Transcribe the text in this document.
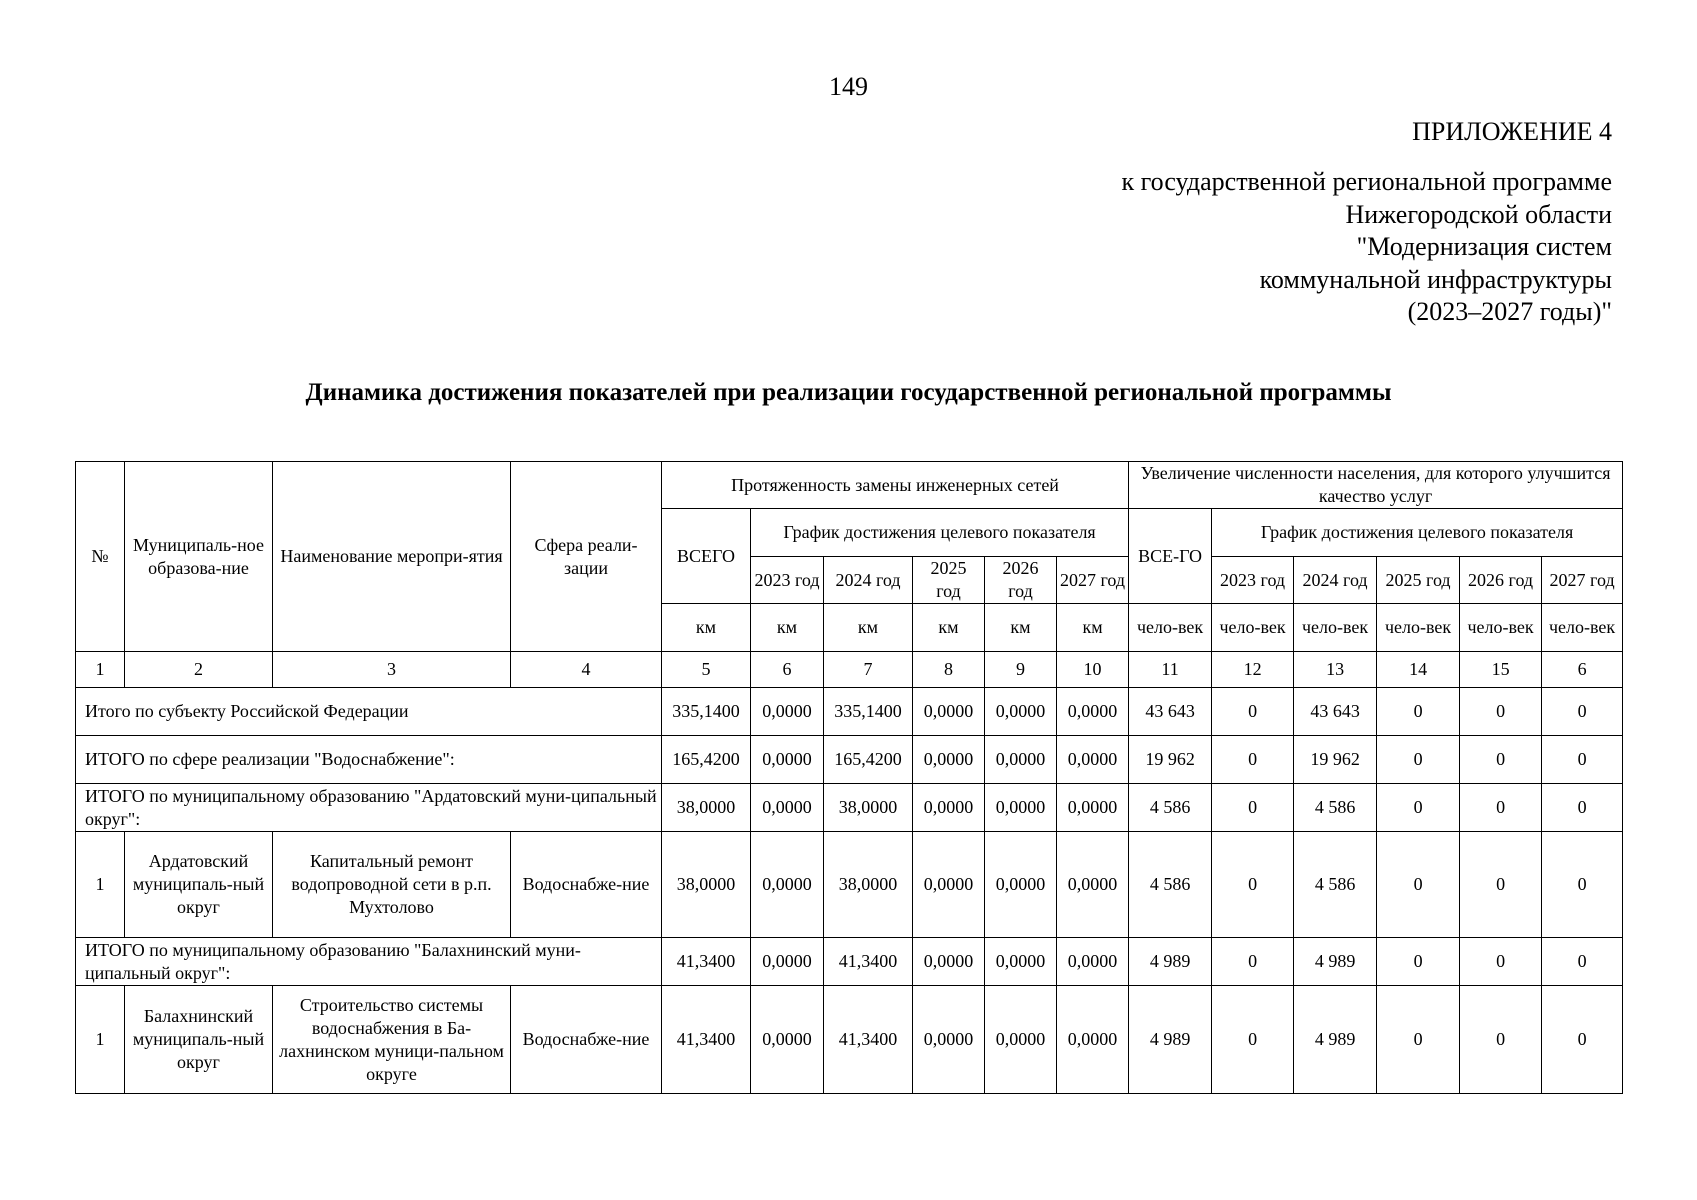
149
ПРИЛОЖЕНИЕ 4
к государственной региональной программе
Нижегородской области
"Модернизация систем
коммунальной инфраструктуры
(2023–2027 годы)"
Динамика достижения показателей при реализации государственной региональной программы
№	Муниципаль-ное образова-ние	Наименование меропри-ятия	Сфера реали-зации	Протяженность замены инженерных сетей						Увеличение численности населения, для которого улучшится качество услуг					
				ВСЕГО	График достижения целевого показателя					ВСЕ-ГО	График достижения целевого показателя				
					2023 год	2024 год	2025 год	2026 год	2027 год		2023 год	2024 год	2025 год	2026 год	2027 год
				км	км	км	км	км	км	чело-век	чело-век	чело-век	чело-век	чело-век	чело-век
1	2	3	4	5	6	7	8	9	10	11	12	13	14	15	6
Итого по субъекту Российской Федерации				335,1400	0,0000	335,1400	0,0000	0,0000	0,0000	43 643	0	43 643	0	0	0
ИТОГО по сфере реализации "Водоснабжение":				165,4200	0,0000	165,4200	0,0000	0,0000	0,0000	19 962	0	19 962	0	0	0
ИТОГО по муниципальному образованию "Ардатовский муни-ципальный округ":				38,0000	0,0000	38,0000	0,0000	0,0000	0,0000	4 586	0	4 586	0	0	0
1	Ардатовский муниципаль-ный округ	Капитальный ремонт водопроводной сети в р.п. Мухтолово	Водоснабже-ние	38,0000	0,0000	38,0000	0,0000	0,0000	0,0000	4 586	0	4 586	0	0	0
ИТОГО по муниципальному образованию "Балахнинский муни-ципальный округ":				41,3400	0,0000	41,3400	0,0000	0,0000	0,0000	4 989	0	4 989	0	0	0
1	Балахнинский муниципаль-ный округ	Строительство системы водоснабжения в Ба-лахнинском муници-пальном округе	Водоснабже-ние	41,3400	0,0000	41,3400	0,0000	0,0000	0,0000	4 989	0	4 989	0	0	0
